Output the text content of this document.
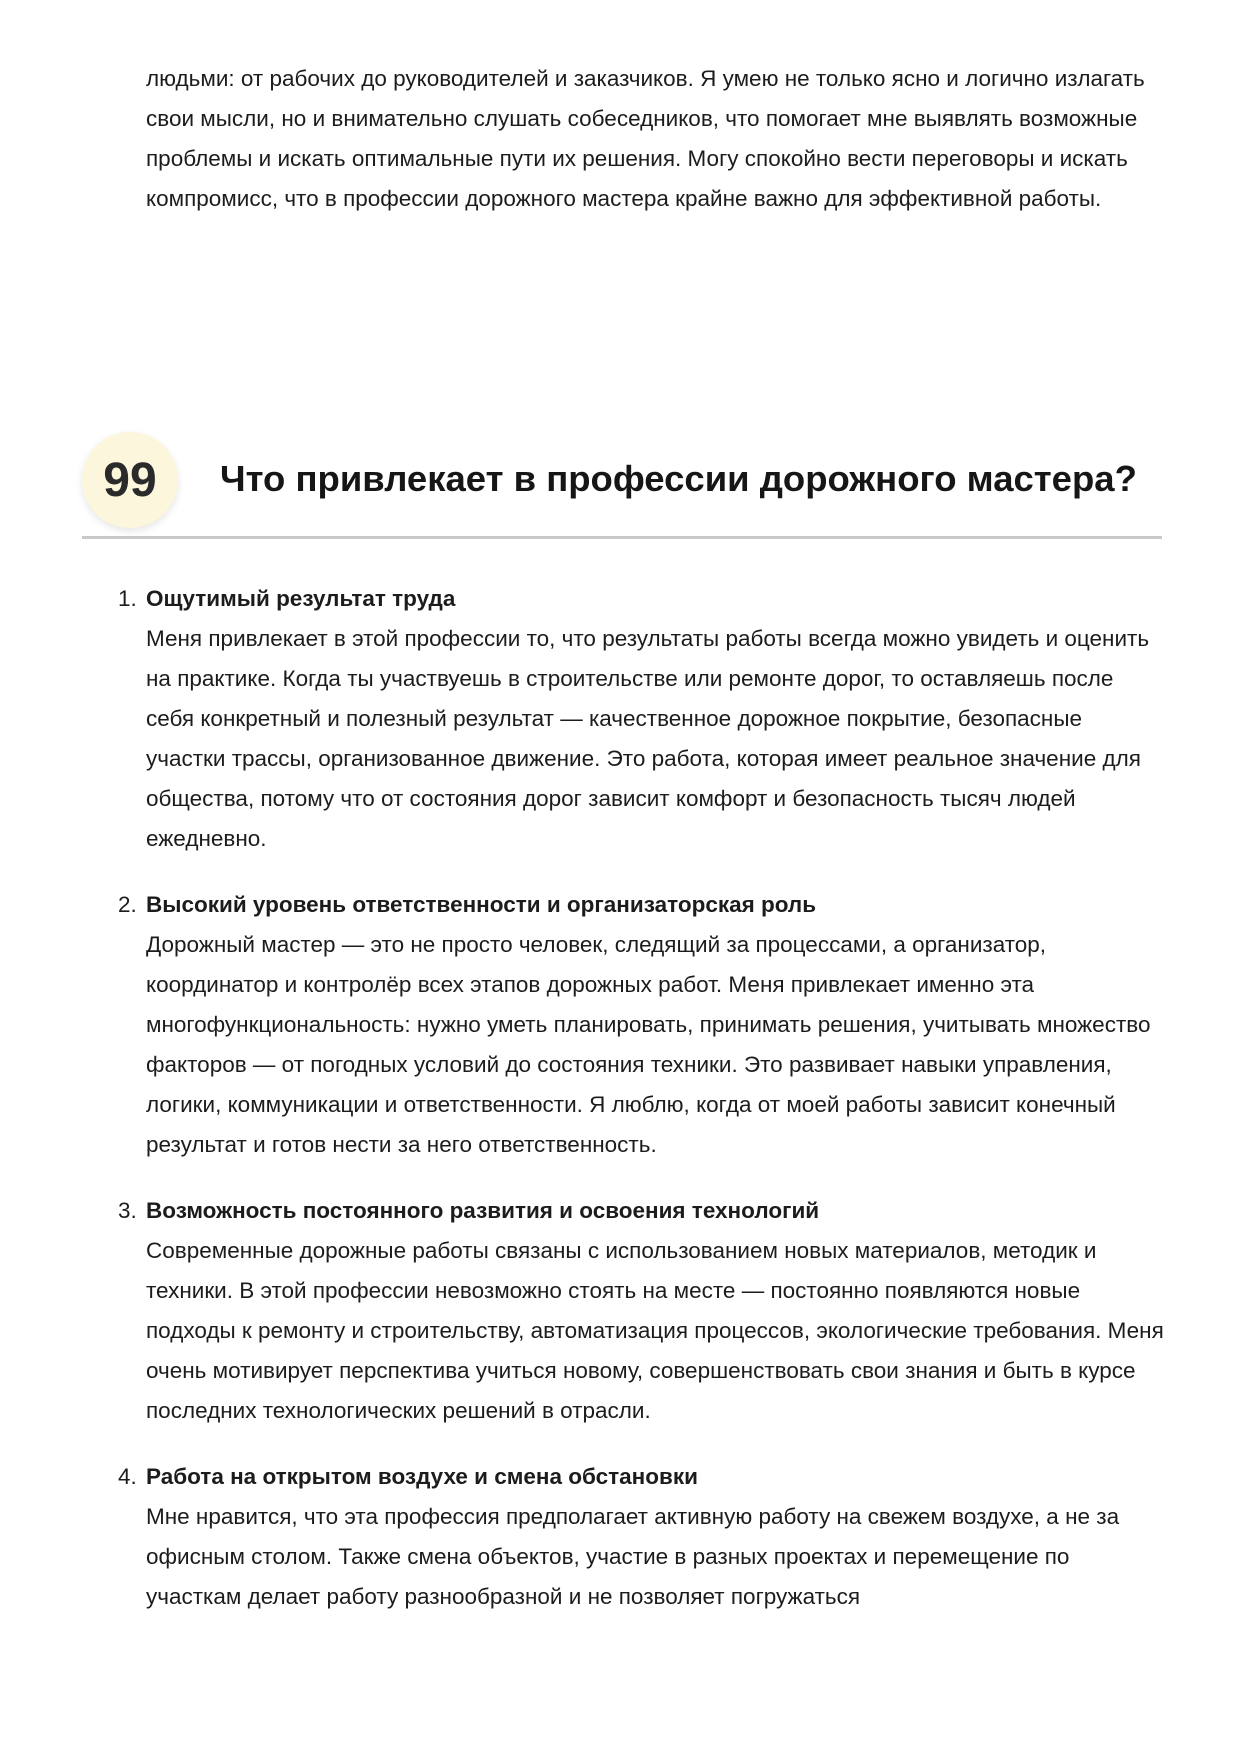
людьми: от рабочих до руководителей и заказчиков. Я умею не только ясно и логично излагать свои мысли, но и внимательно слушать собеседников, что помогает мне выявлять возможные проблемы и искать оптимальные пути их решения. Могу спокойно вести переговоры и искать компромисс, что в профессии дорожного мастера крайне важно для эффективной работы.

99	Что привлекает в профессии дорожного мастера?
1. Ощутимый результат труда
Меня привлекает в этой профессии то, что результаты работы всегда можно увидеть и оценить на практике. Когда ты участвуешь в строительстве или ремонте дорог, то оставляешь после себя конкретный и полезный результат — качественное дорожное покрытие, безопасные участки трассы, организованное движение. Это работа, которая имеет реальное значение для общества, потому что от состояния дорог зависит комфорт и безопасность тысяч людей ежедневно.
2. Высокий уровень ответственности и организаторская роль
Дорожный мастер — это не просто человек, следящий за процессами, а организатор, координатор и контролёр всех этапов дорожных работ. Меня привлекает именно эта многофункциональность: нужно уметь планировать, принимать решения, учитывать множество факторов — от погодных условий до состояния техники. Это развивает навыки управления, логики, коммуникации и ответственности. Я люблю, когда от моей работы зависит конечный результат и готов нести за него ответственность.
3. Возможность постоянного развития и освоения технологий
Современные дорожные работы связаны с использованием новых материалов, методик и техники. В этой профессии невозможно стоять на месте — постоянно появляются новые подходы к ремонту и строительству, автоматизация процессов, экологические требования. Меня очень мотивирует перспектива учиться новому, совершенствовать свои знания и быть в курсе последних технологических решений в отрасли.
4. Работа на открытом воздухе и смена обстановки
Мне нравится, что эта профессия предполагает активную работу на свежем воздухе, а не за офисным столом. Также смена объектов, участие в разных проектах и перемещение по участкам делает работу разнообразной и не позволяет погружаться
